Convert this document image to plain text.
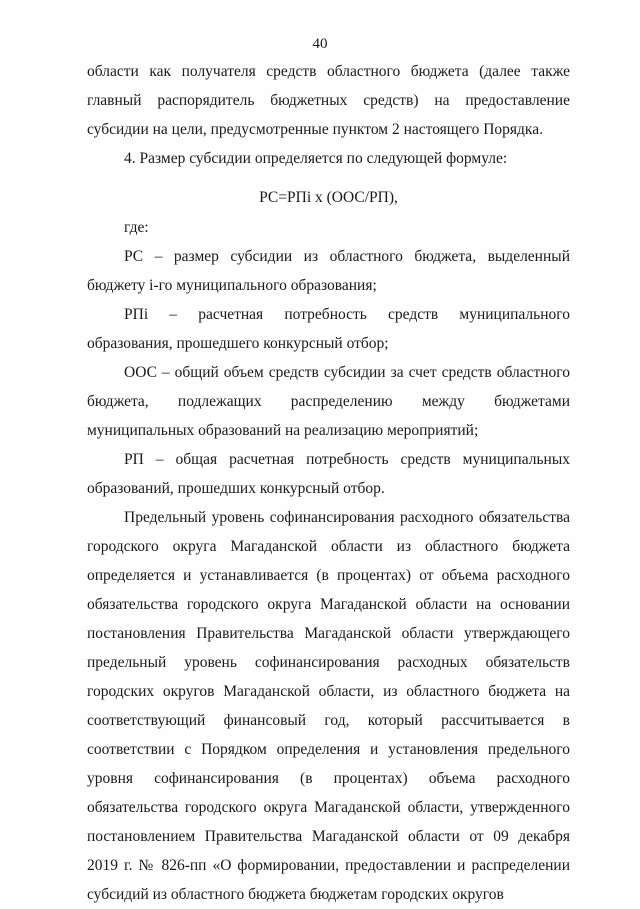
40

области как получателя средств областного бюджета (далее также главный распорядитель бюджетных средств) на предоставление субсидии на цели, предусмотренные пунктом 2 настоящего Порядка.

4. Размер субсидии определяется по следующей формуле:

РС=РПi х (ООС/РП),

где:

РС – размер субсидии из областного бюджета, выделенный бюджету i-го муниципального образования;

РПi – расчетная потребность средств муниципального образования, прошедшего конкурсный отбор;

ООС – общий объем средств субсидии за счет средств областного бюджета, подлежащих распределению между бюджетами муниципальных образований на реализацию мероприятий;

РП – общая расчетная потребность средств муниципальных образований, прошедших конкурсный отбор.

Предельный уровень софинансирования расходного обязательства городского округа Магаданской области из областного бюджета определяется и устанавливается (в процентах) от объема расходного обязательства городского округа Магаданской области на основании постановления Правительства Магаданской области утверждающего предельный уровень софинансирования расходных обязательств городских округов Магаданской области, из областного бюджета на соответствующий финансовый год, который рассчитывается в соответствии с Порядком определения и установления предельного уровня софинансирования (в процентах) объема расходного обязательства городского округа Магаданской области, утвержденного постановлением Правительства Магаданской области от 09 декабря 2019 г. № 826-пп «О формировании, предоставлении и распределении субсидий из областного бюджета бюджетам городских округов
